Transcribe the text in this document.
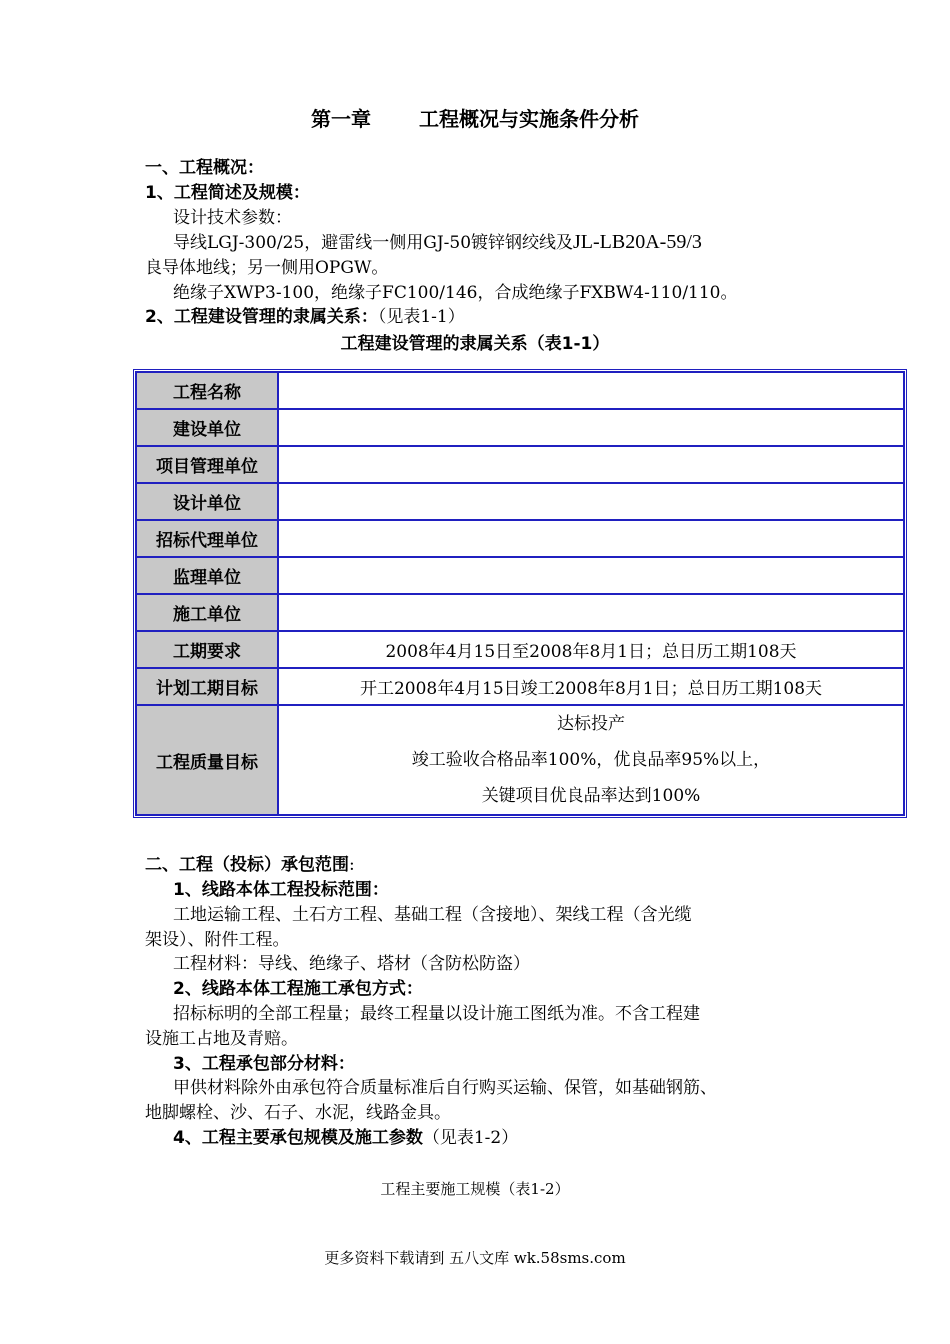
第一章 工程概况与实施条件分析
一、工程概况：
1、工程简述及规模：
设计技术参数：
导线LGJ-300/25，避雷线一侧用GJ-50镀锌钢绞线及JL-LB20A-59/3
良导体地线；另一侧用OPGW。
绝缘子XWP3-100，绝缘子FC100/146，合成绝缘子FXBW4-110/110。
2、工程建设管理的隶属关系：（见表1-1）
工程建设管理的隶属关系（表1-1）
工程名称	
建设单位	
项目管理单位	
设计单位	
招标代理单位	
监理单位	
施工单位	
工期要求	2008年4月15日至2008年8月1日；总日历工期108天
计划工期目标	开工2008年4月15日竣工2008年8月1日；总日历工期108天
工程质量目标	达标投产
竣工验收合格品率100%，优良品率95%以上，
关键项目优良品率达到100%
二、工程（投标）承包范围:
1、线路本体工程投标范围：
工地运输工程、土石方工程、基础工程（含接地）、架线工程（含光缆
架设）、附件工程。
工程材料：导线、绝缘子、塔材（含防松防盗）
2、线路本体工程施工承包方式：
招标标明的全部工程量；最终工程量以设计施工图纸为准。不含工程建
设施工占地及青赔。
3、工程承包部分材料：
甲供材料除外由承包符合质量标准后自行购买运输、保管，如基础钢筋、
地脚螺栓、沙、石子、水泥，线路金具。
4、工程主要承包规模及施工参数（见表1-2）
工程主要施工规模（表1-2）
更多资料下载请到 五八文库 wk.58sms.com
